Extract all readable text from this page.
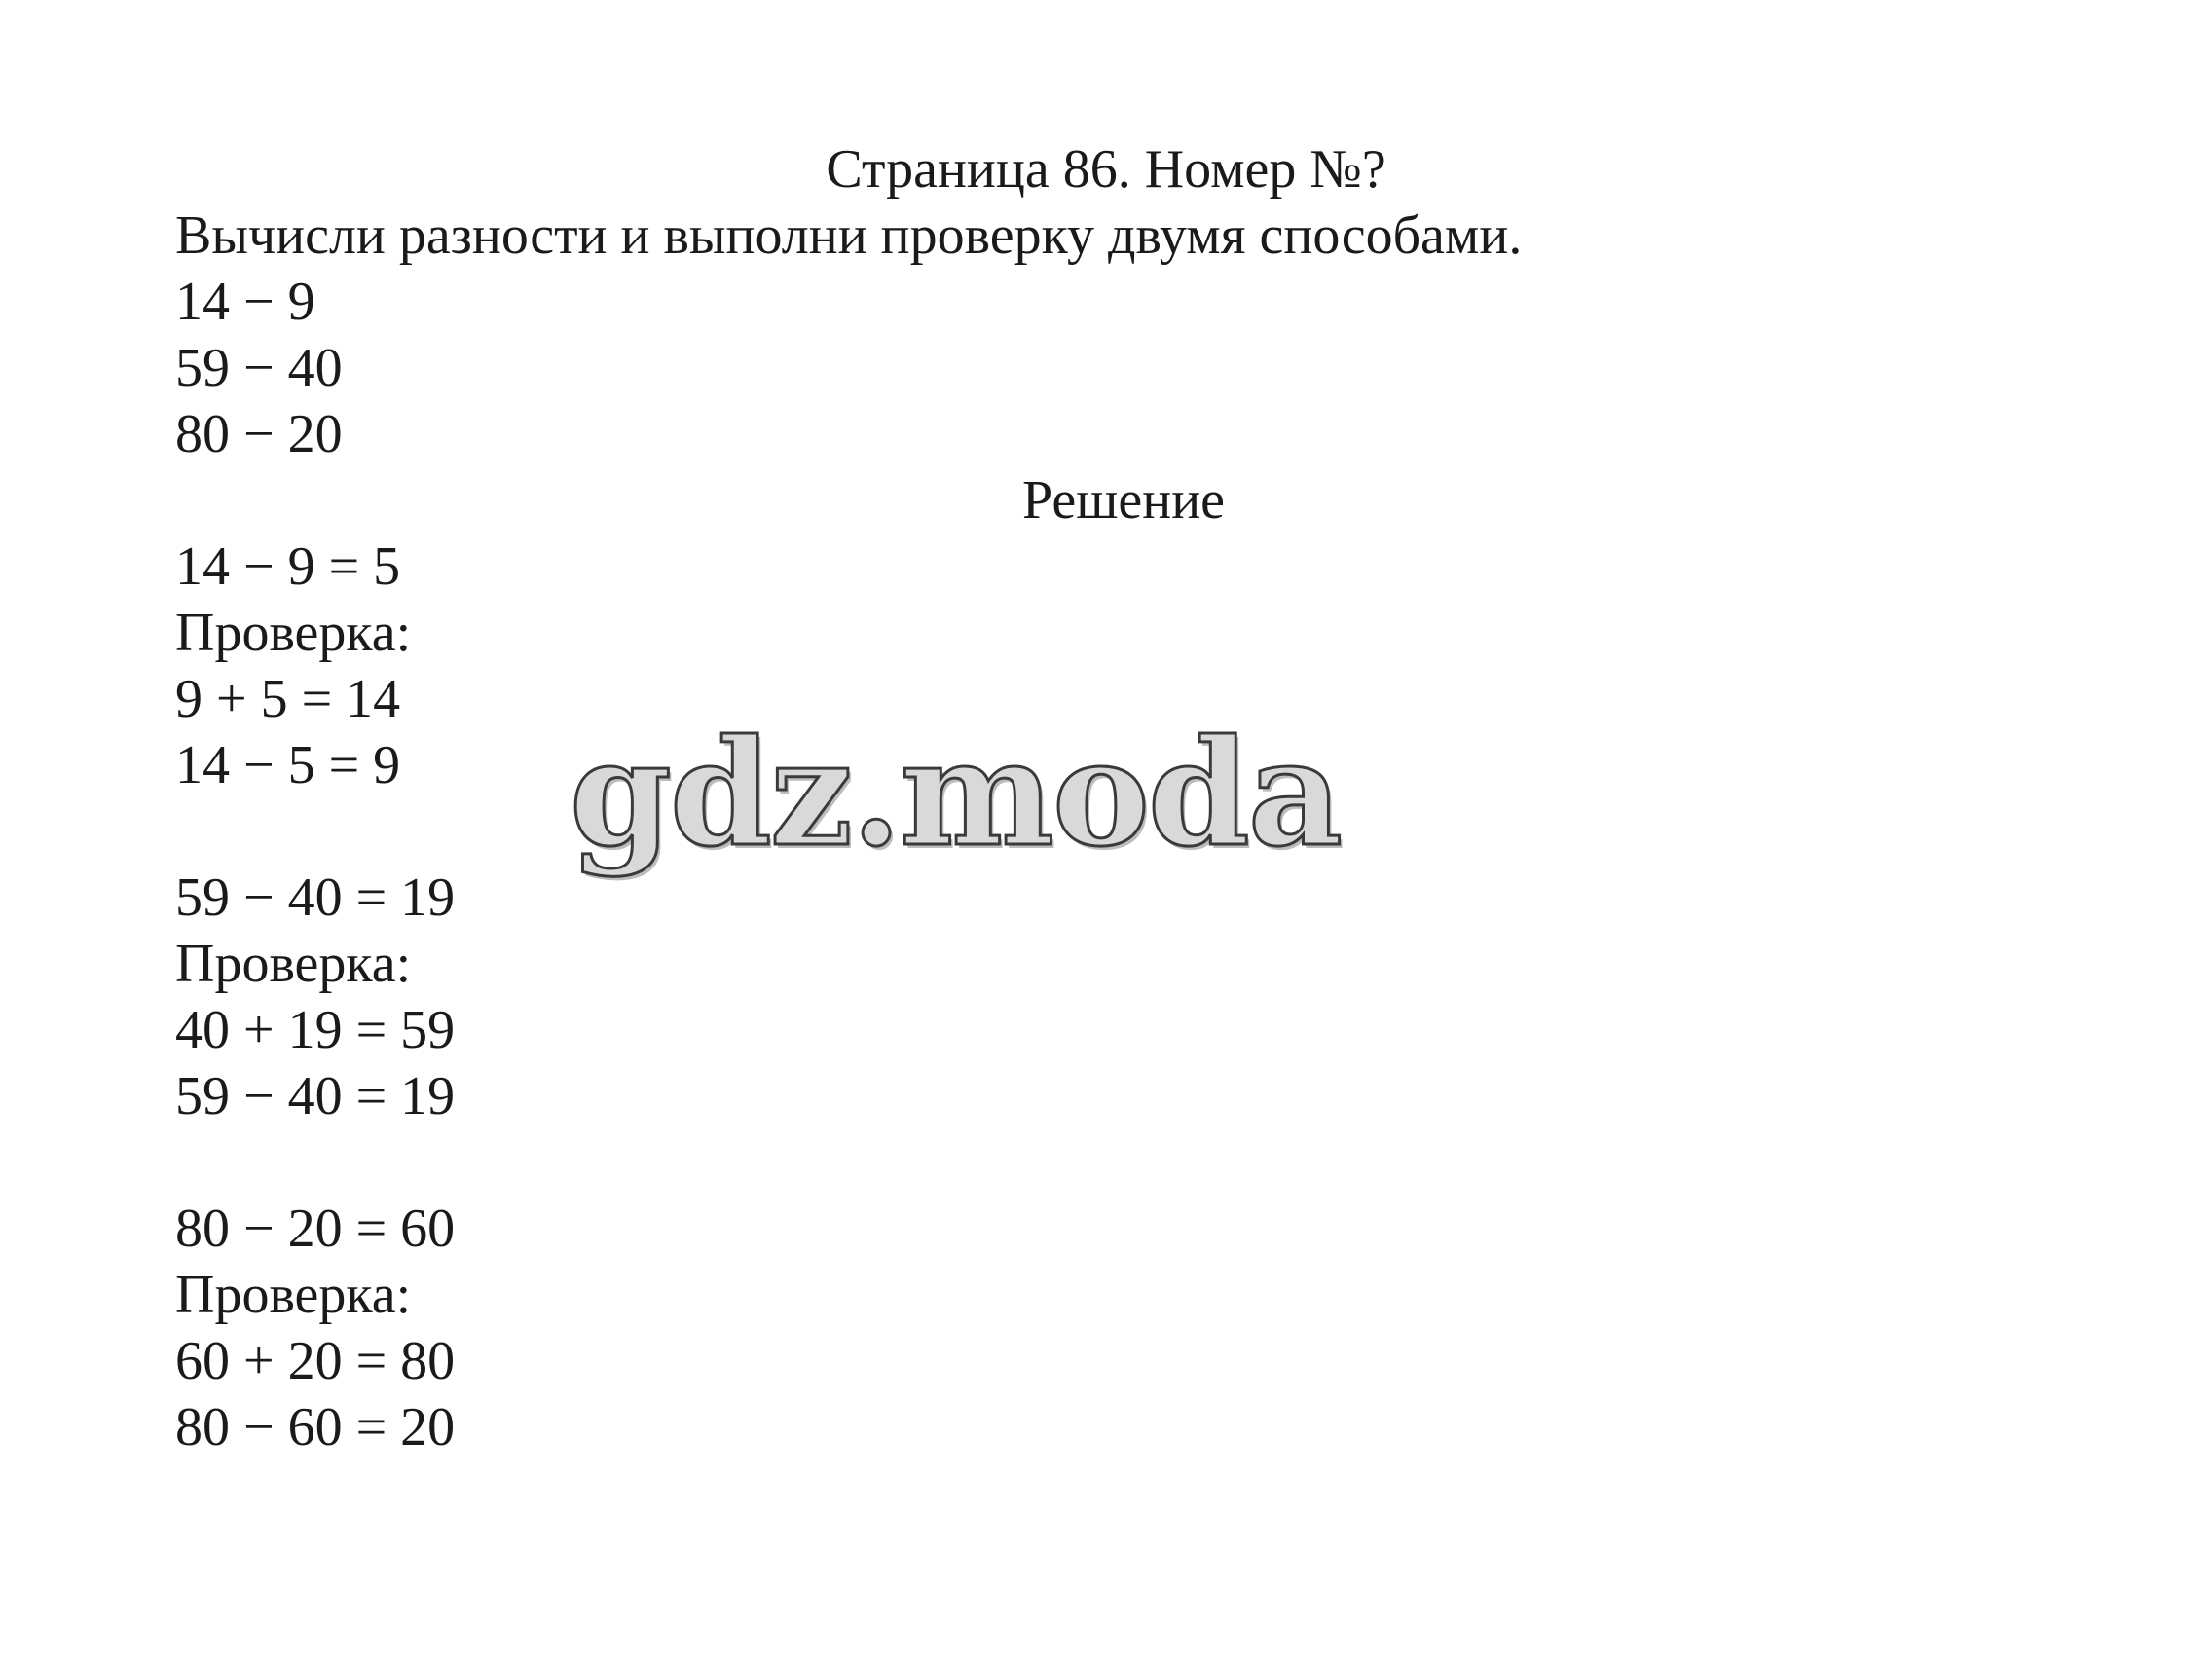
Страница 86. Номер №?
Вычисли разности и выполни проверку двумя способами.
14 − 9
59 − 40
80 − 20
Решение
14 − 9 = 5
Проверка:
9 + 5 = 14
14 − 5 = 9
59 − 40 = 19
Проверка:
40 + 19 = 59
59 − 40 = 19
80 − 20 = 60
Проверка:
60 + 20 = 80
80 − 60 = 20
gdz.moda
